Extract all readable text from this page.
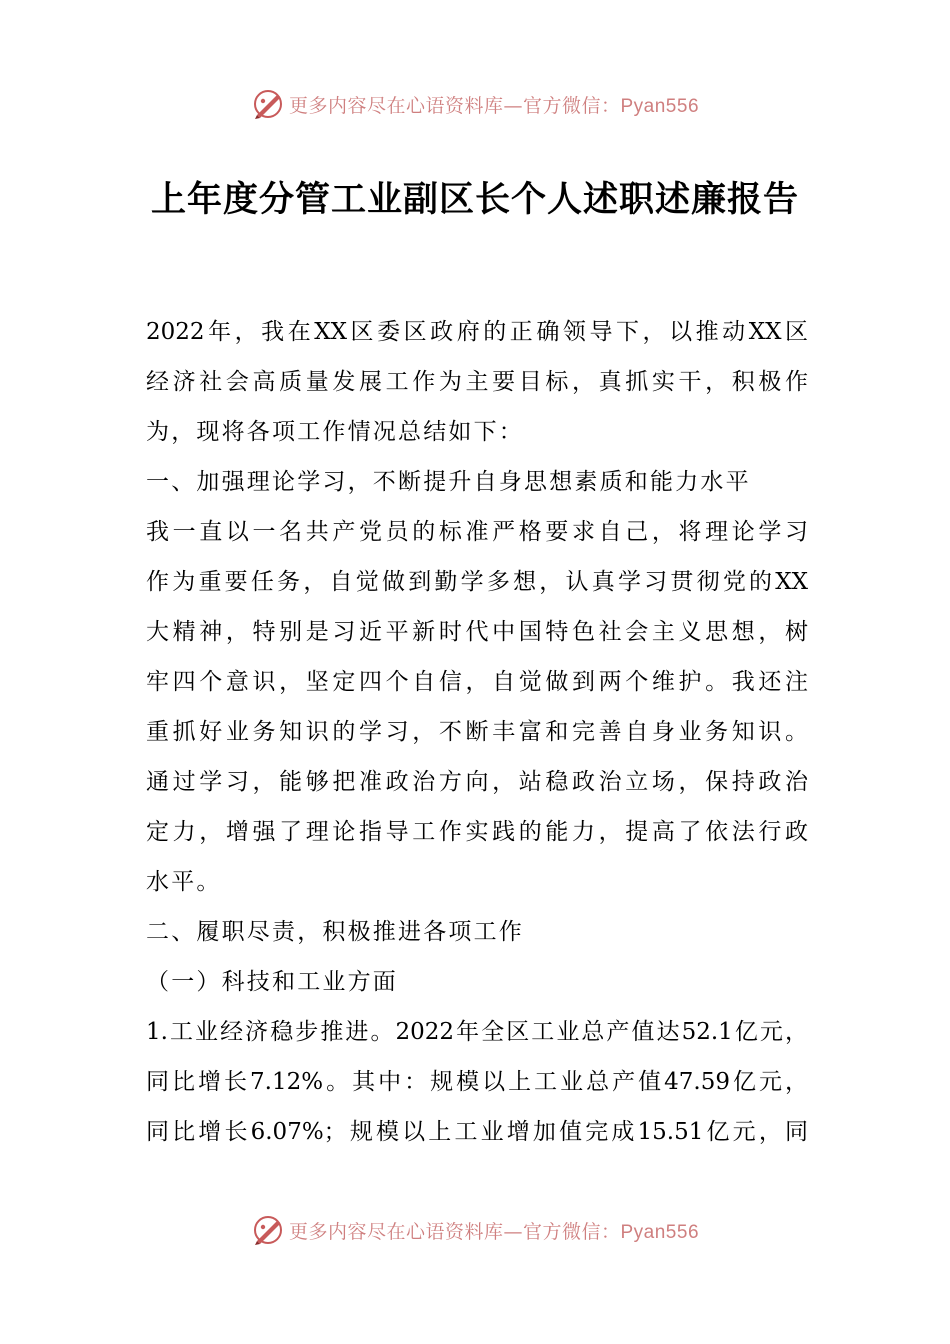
更多内容尽在心语资料库—官方微信：Pyan556
上年度分管工业副区长个人述职述廉报告
2022年，我在XX区委区政府的正确领导下，以推动XX区
经济社会高质量发展工作为主要目标，真抓实干，积极作
为，现将各项工作情况总结如下：
一、加强理论学习，不断提升自身思想素质和能力水平
我一直以一名共产党员的标准严格要求自己，将理论学习
作为重要任务，自觉做到勤学多想，认真学习贯彻党的XX
大精神，特别是习近平新时代中国特色社会主义思想，树
牢四个意识，坚定四个自信，自觉做到两个维护。我还注
重抓好业务知识的学习，不断丰富和完善自身业务知识。
通过学习，能够把准政治方向，站稳政治立场，保持政治
定力，增强了理论指导工作实践的能力，提高了依法行政
水平。
二、履职尽责，积极推进各项工作
（一）科技和工业方面
1.工业经济稳步推进。2022年全区工业总产值达52.1亿元，
同比增长7.12%。其中：规模以上工业总产值47.59亿元，
同比增长6.07%；规模以上工业增加值完成15.51亿元，同
更多内容尽在心语资料库—官方微信：Pyan556
